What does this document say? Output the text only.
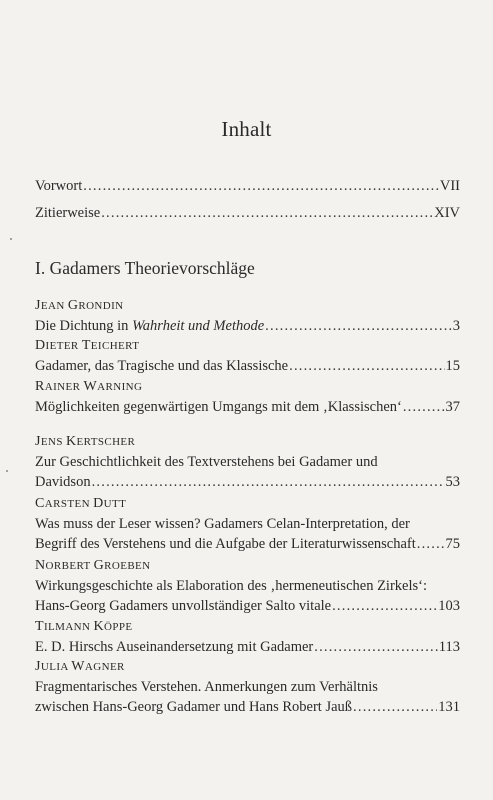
Inhalt
Vorwort .....	VII
Zitierweise .....	XIV
I. Gadamers Theorievorschläge
JEAN GRONDIN
Die Dichtung in Wahrheit und Methode .....	3
DIETER TEICHERT
Gadamer, das Tragische und das Klassische .....	15
RAINER WARNING
Möglichkeiten gegenwärtigen Umgangs mit dem ‚Klassischen‘ .....	37
JENS KERTSCHER
Zur Geschichtlichkeit des Textverstehens bei Gadamer und
Davidson .....	53
CARSTEN DUTT
Was muss der Leser wissen? Gadamers Celan-Interpretation, der
Begriff des Verstehens und die Aufgabe der Literaturwissenschaft ..... 75
NORBERT GROEBEN
Wirkungsgeschichte als Elaboration des ‚hermeneutischen Zirkels‘:
Hans-Georg Gadamers unvollständiger Salto vitale .....	103
TILMANN KÖPPE
E. D. Hirschs Auseinandersetzung mit Gadamer .....	113
JULIA WAGNER
Fragmentarisches Verstehen. Anmerkungen zum Verhältnis
zwischen Hans-Georg Gadamer und Hans Robert Jauß .....	131
